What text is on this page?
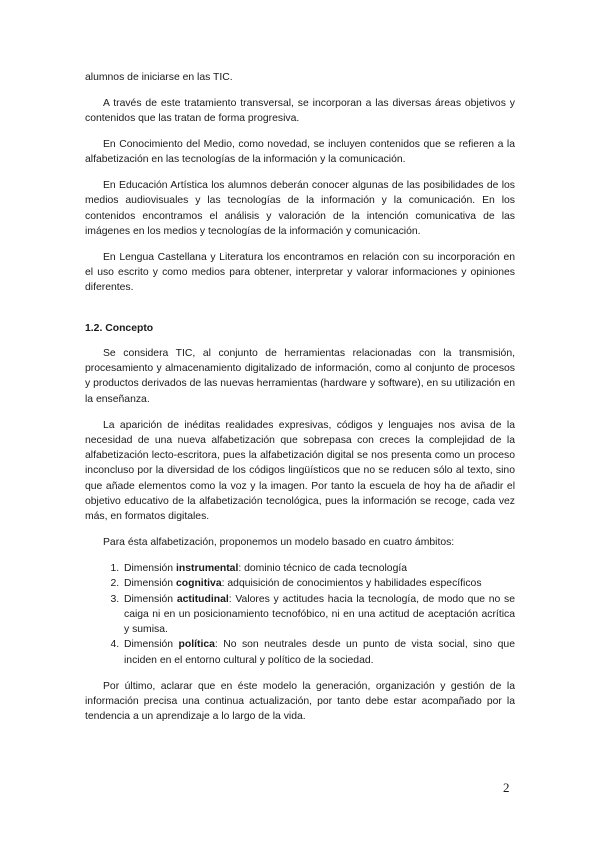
alumnos de iniciarse en las TIC.

A través de este tratamiento transversal, se incorporan a las diversas áreas objetivos y contenidos que las tratan de forma progresiva.

En Conocimiento del Medio, como novedad, se incluyen contenidos que se refieren a la alfabetización en las tecnologías de la información y la comunicación.

En Educación Artística los alumnos deberán conocer algunas de las posibilidades de los medios audiovisuales y las tecnologías de la información y la comunicación. En los contenidos encontramos el análisis y valoración de la intención comunicativa de las imágenes en los medios y tecnologías de la información y comunicación.

En Lengua Castellana y Literatura los encontramos en relación con su incorporación en el uso escrito y como medios para obtener, interpretar y valorar informaciones y opiniones diferentes.

1.2. Concepto

Se considera TIC, al conjunto de herramientas relacionadas con la transmisión, procesamiento y almacenamiento digitalizado de información, como al conjunto de procesos y productos derivados de las nuevas herramientas (hardware y software), en su utilización en la enseñanza.

La aparición de inéditas realidades expresivas, códigos y lenguajes nos avisa de la necesidad de una nueva alfabetización que sobrepasa con creces la complejidad de la alfabetización lecto-escritora, pues la alfabetización digital se nos presenta como un proceso inconcluso por la diversidad de los códigos lingüísticos que no se reducen sólo al texto, sino que añade elementos como la voz y la imagen. Por tanto la escuela de hoy ha de añadir el objetivo educativo de la alfabetización tecnológica, pues la información se recoge, cada vez más, en formatos digitales.

Para ésta alfabetización, proponemos un modelo basado en cuatro ámbitos:

1. Dimensión instrumental: dominio técnico de cada tecnología
2. Dimensión cognitiva: adquisición de conocimientos y habilidades específicos
3. Dimensión actitudinal: Valores y actitudes hacia la tecnología, de modo que no se caiga ni en un posicionamiento tecnofóbico, ni en una actitud de aceptación acrítica y sumisa.
4. Dimensión política: No son neutrales desde un punto de vista social, sino que inciden en el entorno cultural y político de la sociedad.

Por último, aclarar que en éste modelo la generación, organización y gestión de la información precisa una continua actualización, por tanto debe estar acompañado por la tendencia a un aprendizaje a lo largo de la vida.

2
